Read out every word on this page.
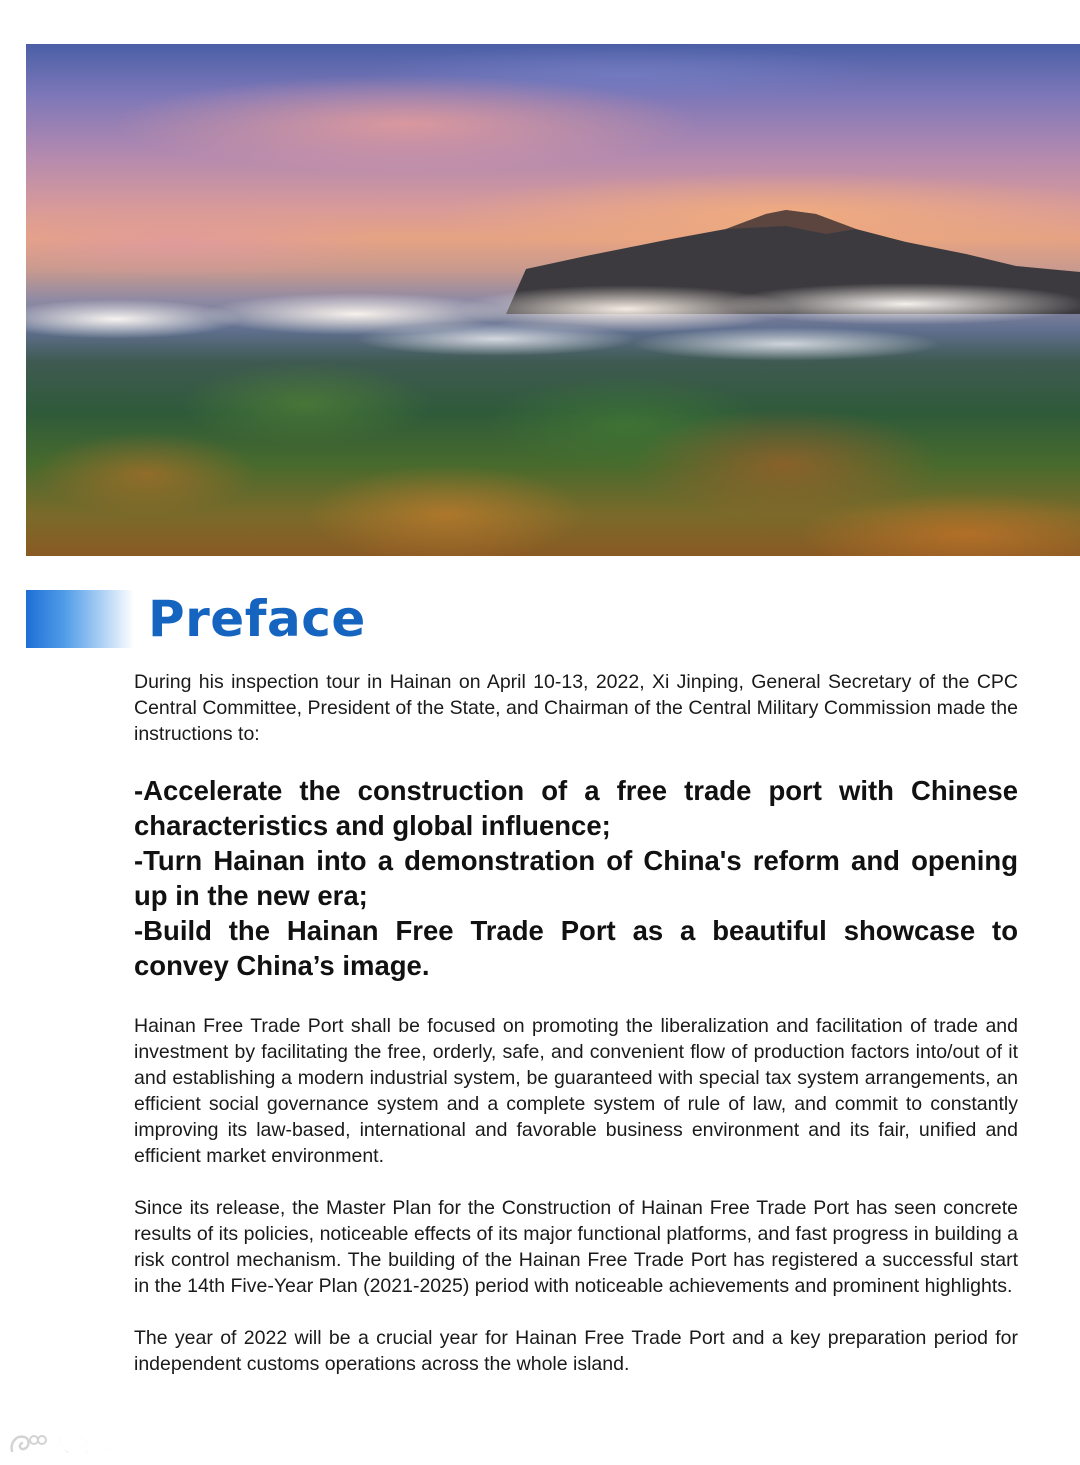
Preface

During his inspection tour in Hainan on April 10-13, 2022, Xi Jinping, General Secretary of the CPC Central Committee, President of the State, and Chairman of the Central Military Commission made the instructions to:

-Accelerate the construction of a free trade port with Chinese characteristics and global influence;
-Turn Hainan into a demonstration of China's reform and opening up in the new era;
-Build the Hainan Free Trade Port as a beautiful showcase to convey China’s image.

Hainan Free Trade Port shall be focused on promoting the liberalization and facilitation of trade and investment by facilitating the free, orderly, safe, and convenient flow of production factors into/out of it and establishing a modern industrial system, be guaranteed with special tax system arrangements, an efficient social governance system and a complete system of rule of law, and commit to constantly improving its law-based, international and favorable business environment and its fair, unified and efficient market environment.

Since its release, the Master Plan for the Construction of Hainan Free Trade Port has seen concrete results of its policies, noticeable effects of its major functional platforms, and fast progress in building a risk control mechanism. The building of the Hainan Free Trade Port has registered a successful start in the 14th Five-Year Plan (2021-2025) period with noticeable achievements and prominent highlights.

The year of 2022 will be a crucial year for Hainan Free Trade Port and a key preparation period for independent customs operations across the whole island.

大数跨境
